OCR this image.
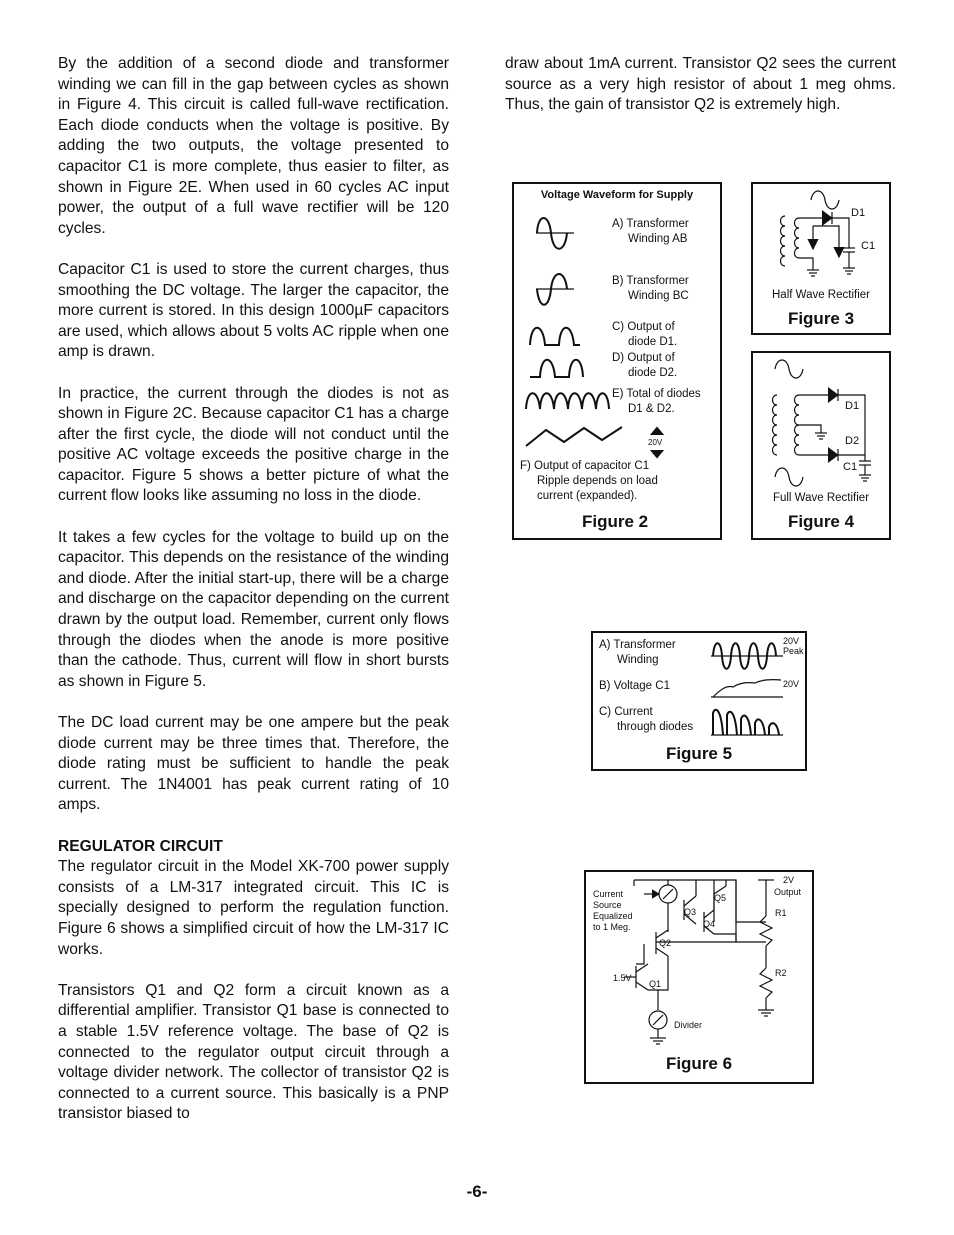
By the addition of a second diode and transformer winding we can fill in the gap between cycles as shown in Figure 4. This circuit is called full-wave rectification. Each diode conducts when the voltage is positive. By adding the two outputs, the voltage presented to capacitor C1 is more complete, thus easier to filter, as shown in Figure 2E. When used in 60 cycles AC input power, the output of a full wave rectifier will be 120 cycles.

Capacitor C1 is used to store the current charges, thus smoothing the DC voltage. The larger the capacitor, the more current is stored. In this design 1000µF capacitors are used, which allows about 5 volts AC ripple when one amp is drawn.

In practice, the current through the diodes is not as shown in Figure 2C. Because capacitor C1 has a charge after the first cycle, the diode will not conduct until the positive AC voltage exceeds the positive charge in the capacitor. Figure 5 shows a better picture of what the current flow looks like assuming no loss in the diode.

It takes a few cycles for the voltage to build up on the capacitor. This depends on the resistance of the winding and diode. After the initial start-up, there will be a charge and discharge on the capacitor depending on the current drawn by the output load. Remember, current only flows through the diodes when the anode is more positive than the cathode. Thus, current will flow in short bursts as shown in Figure 5.

The DC load current may be one ampere but the peak diode current may be three times that. Therefore, the diode rating must be sufficient to handle the peak current. The 1N4001 has peak current rating of 10 amps.

REGULATOR CIRCUIT

The regulator circuit in the Model XK-700 power supply consists of a LM-317 integrated circuit. This IC is specially designed to perform the regulation function. Figure 6 shows a simplified circuit of how the LM-317 IC works.

Transistors Q1 and Q2 form a circuit known as a differential amplifier. Transistor Q1 base is connected to a stable 1.5V reference voltage. The base of Q2 is connected to the regulator output circuit through a voltage divider network. The collector of transistor Q2 is connected to a current source. This basically is a PNP transistor biased to

draw about 1mA current. Transistor Q2 sees the current source as a very high resistor of about 1 meg ohms. Thus, the gain of transistor Q2 is extremely high.

Voltage Waveform for Supply
20V
A) Transformer
Winding AB
B) Transformer
Winding BC
C) Output of
diode D1.
D) Output of
diode D2.
E) Total of diodes
D1 & D2.
F) Output of capacitor C1
Ripple depends on load
current (expanded).
Figure 2
D1
C1
Half Wave Rectifier
Figure 3
D1
D2
C1
Full Wave Rectifier
Figure 4
A) Transformer
Winding
B) Voltage C1
C) Current
through diodes
20V
Peak
20V
Figure 5
Current
Source
Equalized
to 1 Meg.
2V
Output
Q5
Q3
Q4
Q2
Q1
1.5V
R1
R2
Divider
Figure 6
-6-
